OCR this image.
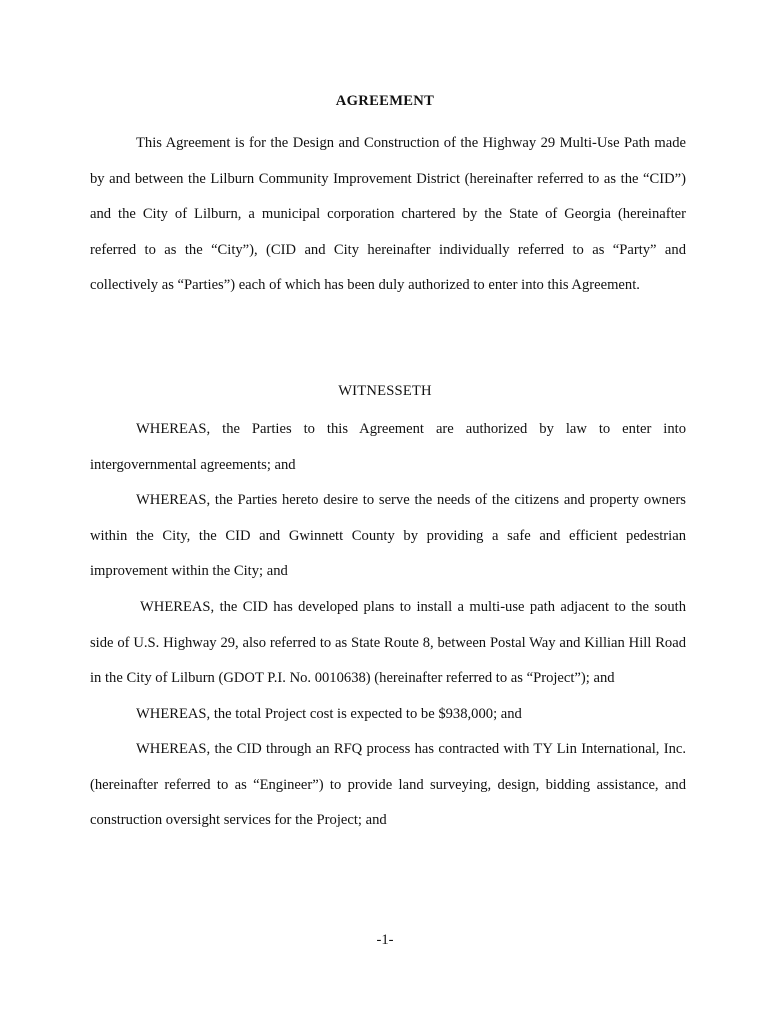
AGREEMENT

This Agreement is for the Design and Construction of the Highway 29 Multi-Use Path made by and between the Lilburn Community Improvement District (hereinafter referred to as the “CID”) and the City of Lilburn, a municipal corporation chartered by the State of Georgia (hereinafter referred to as the “City”), (CID and City hereinafter individually referred to as “Party” and collectively as “Parties”) each of which has been duly authorized to enter into this Agreement.

WITNESSETH

WHEREAS, the Parties to this Agreement are authorized by law to enter into intergovernmental agreements; and

WHEREAS, the Parties hereto desire to serve the needs of the citizens and property owners within the City, the CID and Gwinnett County by providing a safe and efficient pedestrian improvement within the City; and

WHEREAS, the CID has developed plans to install a multi-use path adjacent to the south side of U.S. Highway 29, also referred to as State Route 8, between Postal Way and Killian Hill Road in the City of Lilburn (GDOT P.I. No. 0010638) (hereinafter referred to as “Project”); and

WHEREAS, the total Project cost is expected to be $938,000; and

WHEREAS, the CID through an RFQ process has contracted with TY Lin International, Inc. (hereinafter referred to as “Engineer”) to provide land surveying, design, bidding assistance, and construction oversight services for the Project; and

-1-
